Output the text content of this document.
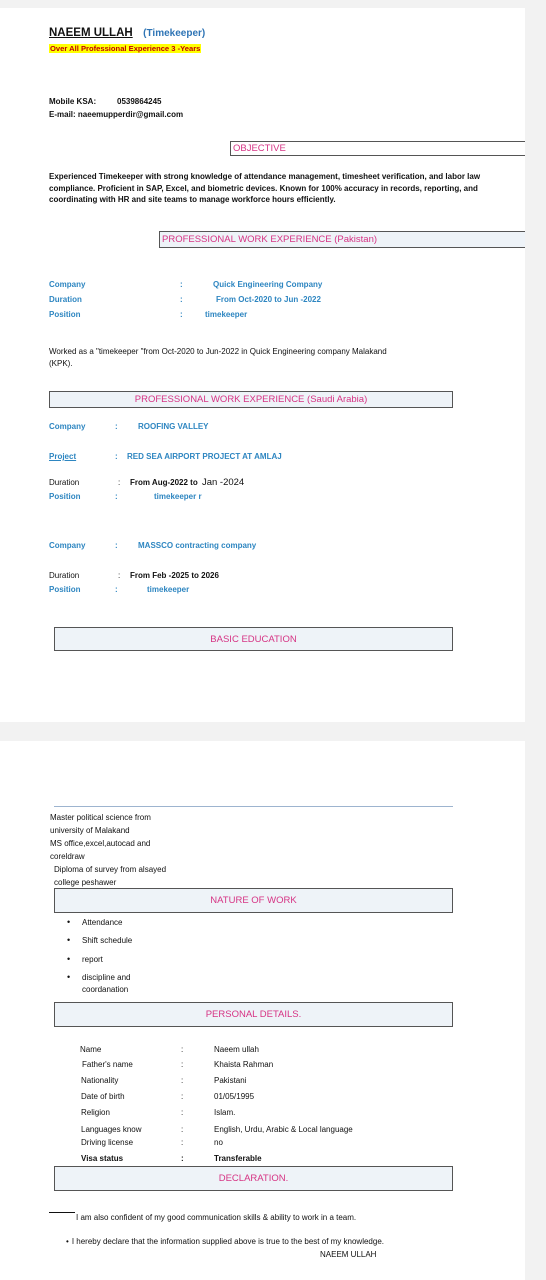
NAEEM ULLAH (Timekeeper)
Over All Professional Experience 3 -Years
Mobile KSA:	0539864245
E-mail: naeemupperdir@gmail.com
OBJECTIVE
Experienced Timekeeper with strong knowledge of attendance management, timesheet verification, and labor law
compliance. Proficient in SAP, Excel, and biometric devices. Known for 100% accuracy in records, reporting, and
coordinating with HR and site teams to manage workforce hours efficiently.
PROFESSIONAL WORK EXPERIENCE (Pakistan)
Company	:	Quick Engineering Company
Duration	:	From Oct-2020 to Jun -2022
Position	:	timekeeper
Worked as a "timekeeper "from Oct-2020 to Jun-2022 in Quick Engineering company Malakand
(KPK).
PROFESSIONAL WORK EXPERIENCE (Saudi Arabia)
Company	:	ROOFING VALLEY
Project	: RED SEA AIRPORT PROJECT AT AMLAJ
Duration	: From Aug-2022 to Jan -2024
Position	:	timekeeper r
Company	:	MASSCO contracting company
Duration	: From Feb -2025 to 2026
Position	:	timekeeper
BASIC EDUCATION
Master political science from
university of Malakand
MS office,excel,autocad and
coreldraw
Diploma of survey from alsayed
college peshawer
NATURE OF WORK
• Attendance
• Shift schedule
• report
• discipline and
coordanation
PERSONAL DETAILS.
Name	:	Naeem ullah
Father's name	:	Khaista Rahman
Nationality	:	Pakistani
Date of birth	:	01/05/1995
Religion	:	Islam.
Languages know	:	English, Urdu, Arabic & Local language
Driving license	:	no
Visa status	:	Transferable
DECLARATION.
I am also confident of my good communication skills & ability to work in a team.
• I hereby declare that the information supplied above is true to the best of my knowledge.
NAEEM ULLAH
